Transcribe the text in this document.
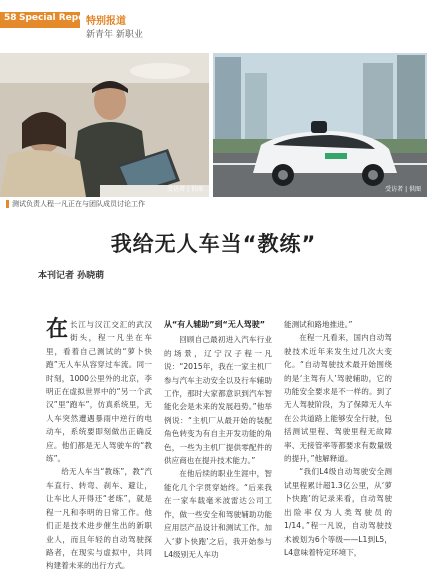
58 Special Report
特别报道
新青年 新职业
受访者 | 供图	受访者 | 供图
测试负责人程一凡正在与团队成员讨论工作
我给无人车当“教练”
本刊记者 孙晓萌

在长江与汉江交汇的武汉街头，程一凡坐在车里，看着自己测试的“萝卜快跑”无人车从容穿过车流。同一时刻，1000公里外的北京，李明正在虚拟世界中的“另一个武汉”里“跑车”，仿真系统里，无人车突然遭遇暴雨中逆行的电动车，系统要即刻做出正确反应。他们都是无人驾驶车的“教练”。

给无人车当“教练”，教“汽车直行、转弯、刹车、避让，让车比人开得还“老练”，就是程一凡和李明的日常工作。他们正是技术进步催生出的新职业人，而且年轻的自动驾驶探路者，在现实与虚拟中，共同构建着未来的出行方式。

从“有人辅助”到“无人驾驶”

回顾自己最初进入汽车行业的场景，辽宁汉子程一凡说：“2015年，我在一家主机厂参与汽车主动安全以及行车辅助工作，那时大家都意识到汽车智能化会是未来的发展趋势。”他举例说：“主机厂从最开始的装配角色转变为有自主开发功能的角色，一些为主机厂提供零配件的供应商也在提升技术能力。”

在他后续的职业生涯中，智能化几个字贯穿始终。“后来我在一家车载毫米波雷达公司工作，做一些安全和驾驶辅助功能应用层产品设计和测试工作。加入‘萝卜快跑’之后，我开始参与L4级别无人车功

能测试和路地推进。”

在程一凡看来，国内自动驾驶技术近年来发生过几次大变化。“自动驾驶技术最开始围绕的是‘主驾有人’驾驶辅助，它的功能安全要求是不一样的。到了无人驾驶阶段，为了保障无人车在公共道路上能够安全行驶，包括测试里程、驾驶里程无故障率、无接管率等都要求有数量级的提升，”他解释道。

“我们L4级自动驾驶安全测试里程累计超1.3亿公里，从‘萝卜快跑’的记录来看，自动驾驶出险率仅为人类驾驶员的1/14。”程一凡说，自动驾驶技术被划为6个等级——L1到L5，L4意味着特定环境下，
